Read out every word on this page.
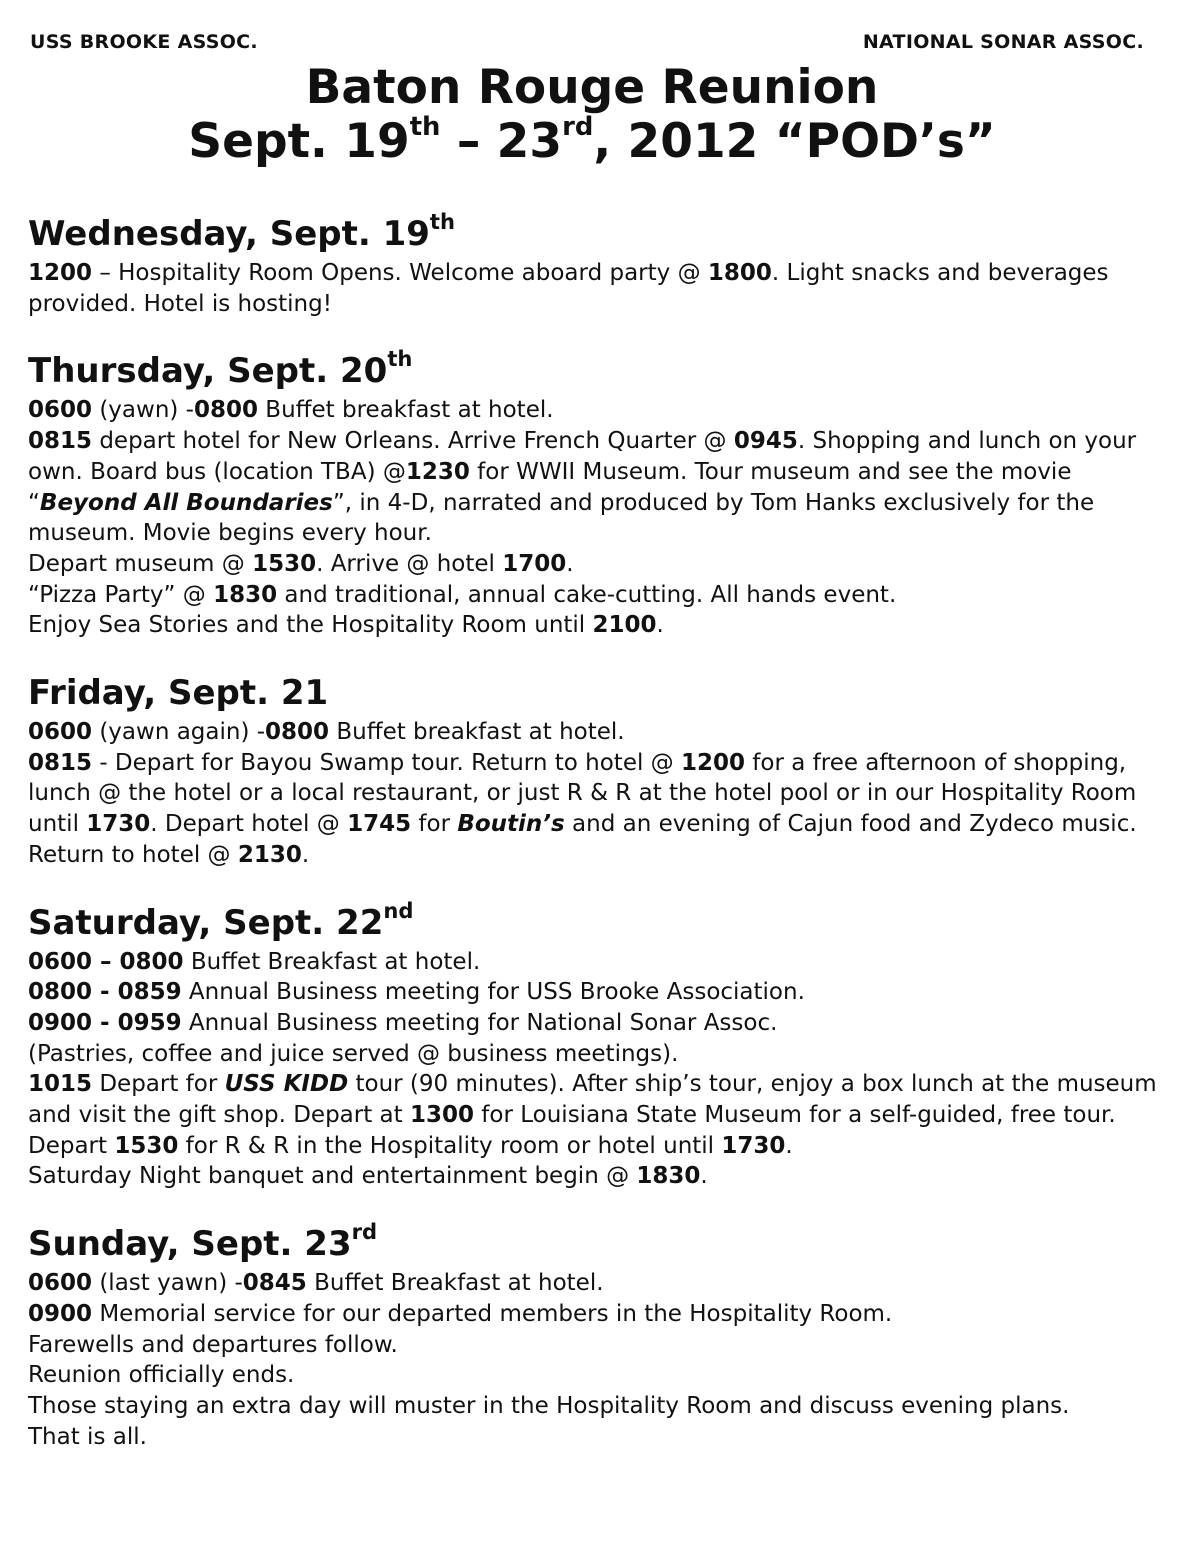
USS BROOKE ASSOC.	NATIONAL SONAR ASSOC.
Baton Rouge Reunion
Sept. 19th – 23rd, 2012 “POD’s”
Wednesday, Sept. 19th
1200 – Hospitality Room Opens. Welcome aboard party @ 1800. Light snacks and beverages provided. Hotel is hosting!
Thursday, Sept. 20th
0600 (yawn) -0800 Buffet breakfast at hotel.
0815 depart hotel for New Orleans. Arrive French Quarter @ 0945. Shopping and lunch on your own. Board bus (location TBA) @1230 for WWII Museum. Tour museum and see the movie “Beyond All Boundaries”, in 4-D, narrated and produced by Tom Hanks exclusively for the museum. Movie begins every hour.
Depart museum @ 1530. Arrive @ hotel 1700.
“Pizza Party” @ 1830 and traditional, annual cake-cutting. All hands event.
Enjoy Sea Stories and the Hospitality Room until 2100.
Friday, Sept. 21
0600 (yawn again) -0800 Buffet breakfast at hotel.
0815 - Depart for Bayou Swamp tour. Return to hotel @ 1200 for a free afternoon of shopping, lunch @ the hotel or a local restaurant, or just R & R at the hotel pool or in our Hospitality Room until 1730. Depart hotel @ 1745 for Boutin’s and an evening of Cajun food and Zydeco music. Return to hotel @ 2130.
Saturday, Sept. 22nd
0600 – 0800 Buffet Breakfast at hotel.
0800 - 0859 Annual Business meeting for USS Brooke Association.
0900 - 0959 Annual Business meeting for National Sonar Assoc.
(Pastries, coffee and juice served @ business meetings).
1015 Depart for USS KIDD tour (90 minutes). After ship’s tour, enjoy a box lunch at the museum and visit the gift shop. Depart at 1300 for Louisiana State Museum for a self-guided, free tour.
Depart 1530 for R & R in the Hospitality room or hotel until 1730.
Saturday Night banquet and entertainment begin @ 1830.
Sunday, Sept. 23rd
0600 (last yawn) -0845 Buffet Breakfast at hotel.
0900 Memorial service for our departed members in the Hospitality Room.
Farewells and departures follow.
Reunion officially ends.
Those staying an extra day will muster in the Hospitality Room and discuss evening plans.
That is all.
